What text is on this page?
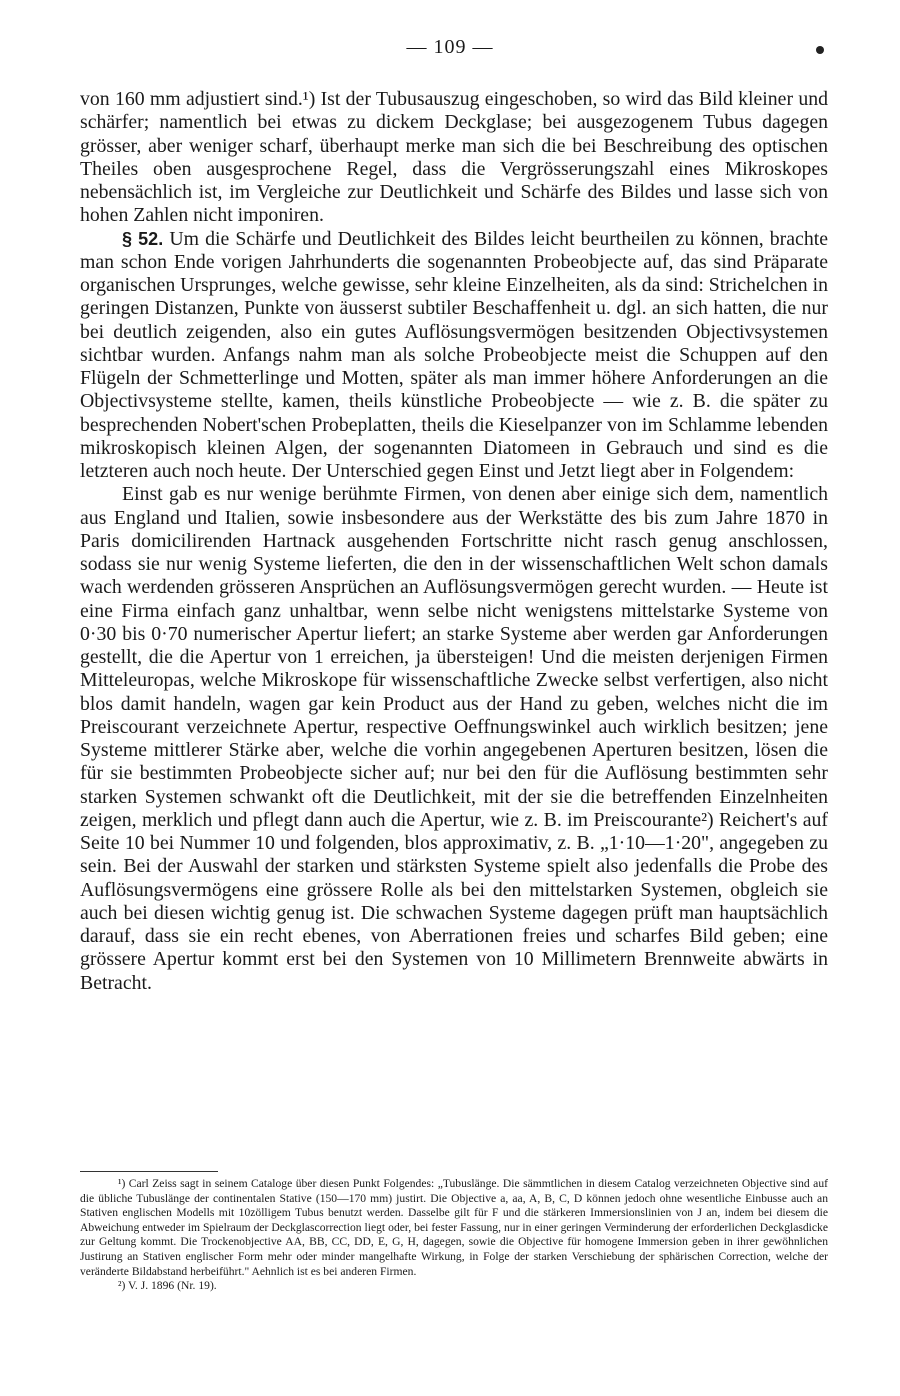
— 109 —

von 160 mm adjustiert sind.¹) Ist der Tubusauszug eingeschoben, so wird das Bild kleiner und schärfer; namentlich bei etwas zu dickem Deckglase; bei ausgezogenem Tubus dagegen grösser, aber weniger scharf, überhaupt merke man sich die bei Beschreibung des optischen Theiles oben ausgesprochene Regel, dass die Vergrösserungszahl eines Mikroskopes nebensächlich ist, im Vergleiche zur Deutlichkeit und Schärfe des Bildes und lasse sich von hohen Zahlen nicht imponiren.

§ 52. Um die Schärfe und Deutlichkeit des Bildes leicht beurtheilen zu können, brachte man schon Ende vorigen Jahrhunderts die sogenannten Probeobjecte auf, das sind Präparate organischen Ursprunges, welche gewisse, sehr kleine Einzelheiten, als da sind: Strichelchen in geringen Distanzen, Punkte von äusserst subtiler Beschaffenheit u. dgl. an sich hatten, die nur bei deutlich zeigenden, also ein gutes Auflösungsvermögen besitzenden Objectivsystemen sichtbar wurden. Anfangs nahm man als solche Probeobjecte meist die Schuppen auf den Flügeln der Schmetterlinge und Motten, später als man immer höhere Anforderungen an die Objectivsysteme stellte, kamen, theils künstliche Probeobjecte — wie z. B. die später zu besprechenden Nobert'schen Probeplatten, theils die Kieselpanzer von im Schlamme lebenden mikroskopisch kleinen Algen, der sogenannten Diatomeen in Gebrauch und sind es die letzteren auch noch heute. Der Unterschied gegen Einst und Jetzt liegt aber in Folgendem:

Einst gab es nur wenige berühmte Firmen, von denen aber einige sich dem, namentlich aus England und Italien, sowie insbesondere aus der Werkstätte des bis zum Jahre 1870 in Paris domicilirenden Hartnack ausgehenden Fortschritte nicht rasch genug anschlossen, sodass sie nur wenig Systeme lieferten, die den in der wissenschaftlichen Welt schon damals wach werdenden grösseren Ansprüchen an Auflösungsvermögen gerecht wurden. — Heute ist eine Firma einfach ganz unhaltbar, wenn selbe nicht wenigstens mittelstarke Systeme von 0·30 bis 0·70 numerischer Apertur liefert; an starke Systeme aber werden gar Anforderungen gestellt, die die Apertur von 1 erreichen, ja übersteigen! Und die meisten derjenigen Firmen Mitteleuropas, welche Mikroskope für wissenschaftliche Zwecke selbst verfertigen, also nicht blos damit handeln, wagen gar kein Product aus der Hand zu geben, welches nicht die im Preiscourant verzeichnete Apertur, respective Oeffnungswinkel auch wirklich besitzen; jene Systeme mittlerer Stärke aber, welche die vorhin angegebenen Aperturen besitzen, lösen die für sie bestimmten Probeobjecte sicher auf; nur bei den für die Auflösung bestimmten sehr starken Systemen schwankt oft die Deutlichkeit, mit der sie die betreffenden Einzelnheiten zeigen, merklich und pflegt dann auch die Apertur, wie z. B. im Preiscourante²) Reichert's auf Seite 10 bei Nummer 10 und folgenden, blos approximativ, z. B. „1·10—1·20", angegeben zu sein. Bei der Auswahl der starken und stärksten Systeme spielt also jedenfalls die Probe des Auflösungsvermögens eine grössere Rolle als bei den mittelstarken Systemen, obgleich sie auch bei diesen wichtig genug ist. Die schwachen Systeme dagegen prüft man hauptsächlich darauf, dass sie ein recht ebenes, von Aberrationen freies und scharfes Bild geben; eine grössere Apertur kommt erst bei den Systemen von 10 Millimetern Brennweite abwärts in Betracht.

¹) Carl Zeiss sagt in seinem Cataloge über diesen Punkt Folgendes: „Tubuslänge. Die sämmtlichen in diesem Catalog verzeichneten Objective sind auf die übliche Tubuslänge der continentalen Stative (150—170 mm) justirt. Die Objective a, aa, A, B, C, D können jedoch ohne wesentliche Einbusse auch an Stativen englischen Modells mit 10zölligem Tubus benutzt werden. Dasselbe gilt für F und die stärkeren Immersionslinien von J an, indem bei diesem die Abweichung entweder im Spielraum der Deckglascorrection liegt oder, bei fester Fassung, nur in einer geringen Verminderung der erforderlichen Deckglasdicke zur Geltung kommt. Die Trockenobjective AA, BB, CC, DD, E, G, H, dagegen, sowie die Objective für homogene Immersion geben in ihrer gewöhnlichen Justirung an Stativen englischer Form mehr oder minder mangelhafte Wirkung, in Folge der starken Verschiebung der sphärischen Correction, welche der veränderte Bildabstand herbeiführt." Aehnlich ist es bei anderen Firmen.

²) V. J. 1896 (Nr. 19).
